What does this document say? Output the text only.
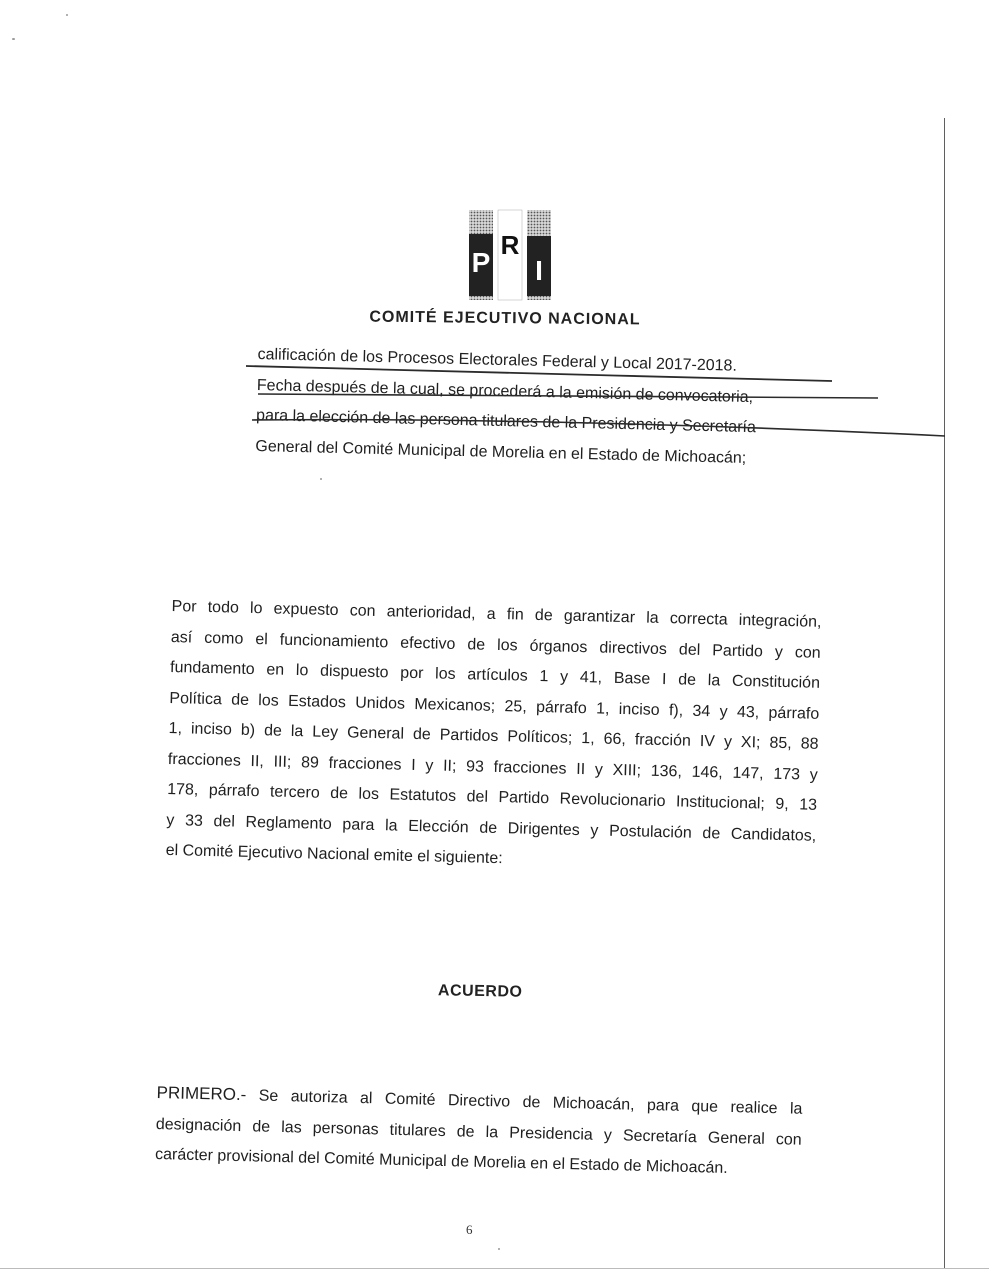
P
R
I
COMITÉ EJECUTIVO NACIONAL

calificación de los Procesos Electorales Federal y Local 2017-2018.

Fecha después de la cual, se procederá a la emisión de convocatoria,

para la elección de las persona titulares de la Presidencia y Secretaría

General del Comité Municipal de Morelia en el Estado de Michoacán;

Por todo lo expuesto con anterioridad, a fin de garantizar la correcta integración,

así como el funcionamiento efectivo de los órganos directivos del Partido y con

fundamento en lo dispuesto por los artículos 1 y 41, Base I de la Constitución

Política de los Estados Unidos Mexicanos; 25, párrafo 1, inciso f), 34 y 43, párrafo

1, inciso b) de la Ley General de Partidos Políticos; 1, 66, fracción IV y XI; 85, 88

fracciones II, III; 89 fracciones I y II; 93 fracciones II y XIII; 136, 146, 147, 173 y

178, párrafo tercero de los Estatutos del Partido Revolucionario Institucional; 9, 13

y 33 del Reglamento para la Elección de Dirigentes y Postulación de Candidatos,

el Comité Ejecutivo Nacional emite el siguiente:

ACUERDO

PRIMERO.- Se autoriza al Comité Directivo de Michoacán, para que realice la

designación de las personas titulares de la Presidencia y Secretaría General con

carácter provisional del Comité Municipal de Morelia en el Estado de Michoacán.

6
